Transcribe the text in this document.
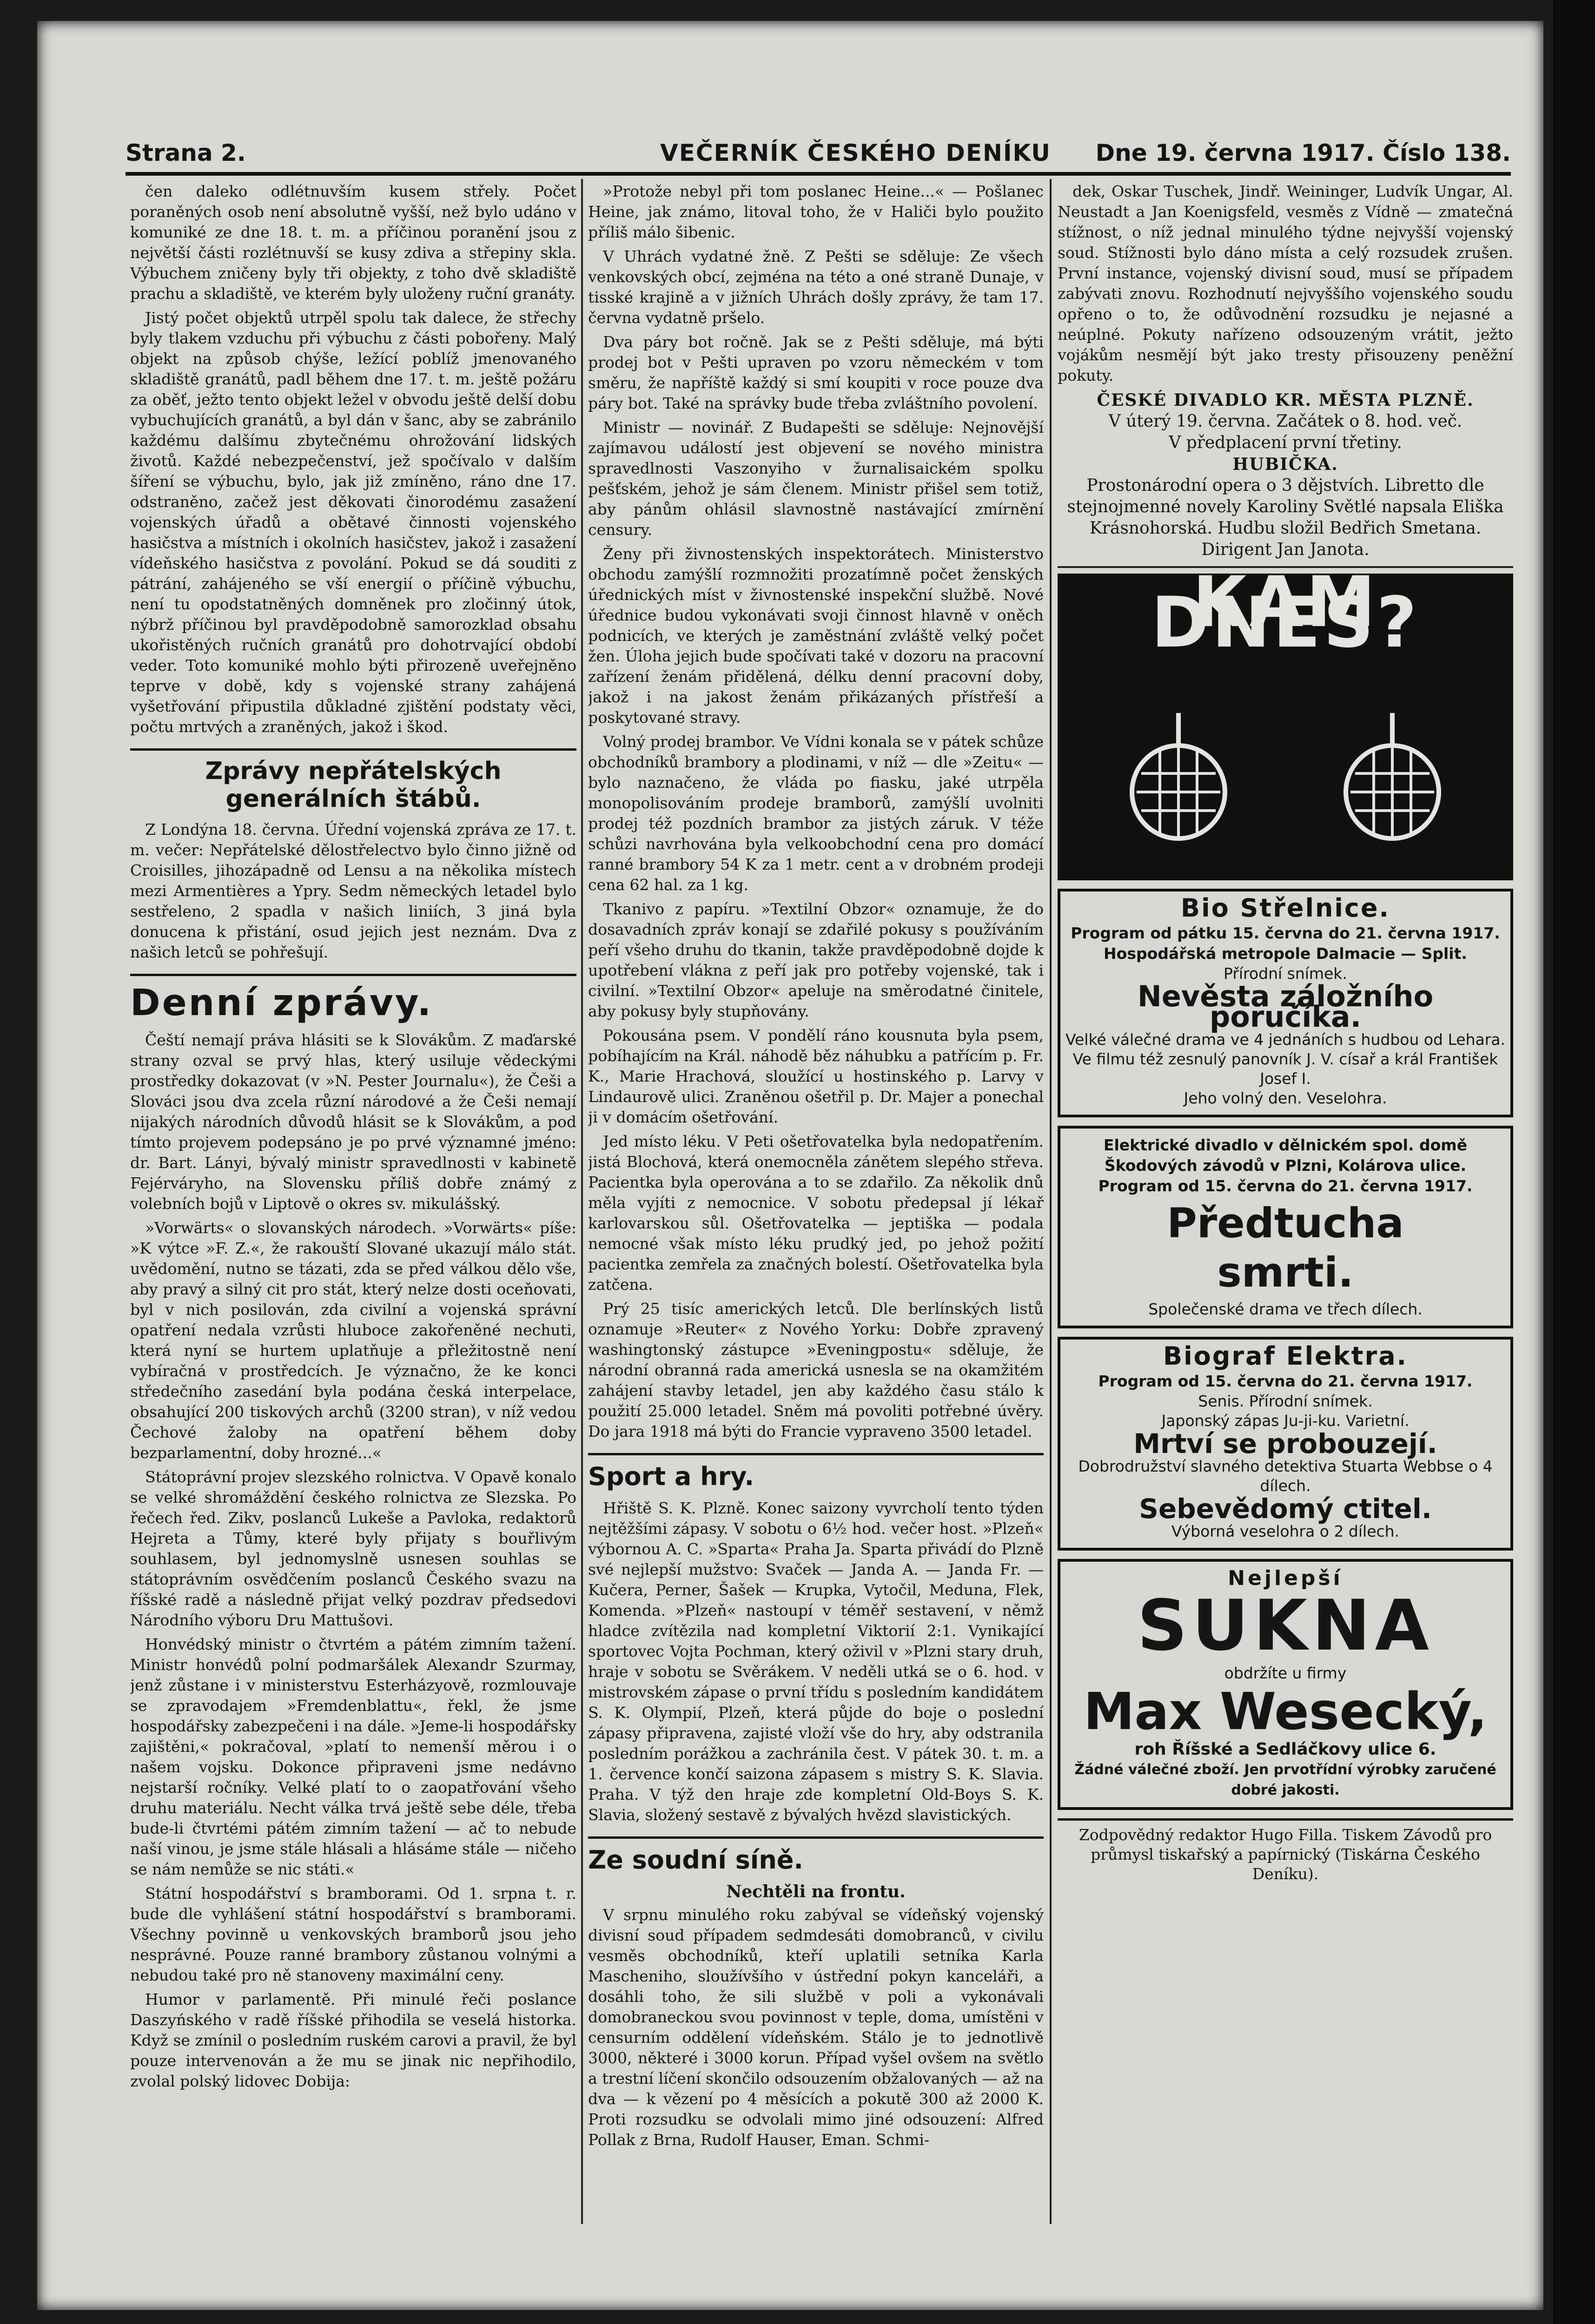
Strana 2.	VEČERNÍK ČESKÉHO DENÍKU Dne 19. června 1917. Číslo 138.

čen daleko odlétnuvším kusem střely. Počet poraněných osob není absolutně vyšší, než bylo udáno v komuniké ze dne 18. t. m. a příčinou poranění jsou z největší části rozlétnuvší se kusy zdiva a střepiny skla. Výbuchem zničeny byly tři objekty, z toho dvě skladiště prachu a skladiště, ve kterém byly uloženy ruční granáty.

Jistý počet objektů utrpěl spolu tak dalece, že střechy byly tlakem vzduchu při výbuchu z části pobořeny. Malý objekt na způsob chýše, ležící poblíž jmenovaného skladiště granátů, padl během dne 17. t. m. ještě požáru za oběť, ježto tento objekt ležel v obvodu ještě delší dobu vybuchujících granátů, a byl dán v šanc, aby se zabránilo každému dalšímu zbytečnému ohrožování lidských životů. Každé nebezpečenství, jež spočívalo v dalším šíření se výbuchu, bylo, jak již zmíněno, ráno dne 17. odstraněno, začež jest děkovati činorodému zasažení vojenských úřadů a obětavé činnosti vojenského hasičstva a místních i okolních hasičstev, jakož i zasažení vídeňského hasičstva z povolání. Pokud se dá souditi z pátrání, zahájeného se vší energií o příčině výbuchu, není tu opodstatněných domněnek pro zločinný útok, nýbrž příčinou byl pravděpodobně samorozklad obsahu ukořistěných ručních granátů pro dohotrvající období veder. Toto komuniké mohlo býti přirozeně uveřejněno teprve v době, kdy s vojenské strany zahájená vyšetřování připustila důkladné zjištění podstaty věci, počtu mrtvých a zraněných, jakož i škod.

Zprávy nepřátelských generálních štábů.

Z Londýna 18. června. Úřední vojenská zpráva ze 17. t. m. večer: Nepřátelské dělostřelectvo bylo činno jižně od Croisilles, jihozápadně od Lensu a na několika místech mezi Armentières a Ypry. Sedm německých letadel bylo sestřeleno, 2 spadla v našich liniích, 3 jiná byla donucena k přistání, osud jejich jest neznám. Dva z našich letců se pohřešují.

Denní zprávy.

Čeští nemají práva hlásiti se k Slovákům. Z maďarské strany ozval se prvý hlas, který usiluje vědeckými prostředky dokazovat (v »N. Pester Journalu«), že Češi a Slováci jsou dva zcela různí národové a že Češi nemají nijakých národních důvodů hlásit se k Slovákům, a pod tímto projevem podepsáno je po prvé významné jméno: dr. Bart. Lányi, bývalý ministr spravedlnosti v kabinetě Fejérváryho, na Slovensku příliš dobře známý z volebních bojů v Liptově o okres sv. mikulášský.

»Vorwärts« o slovanských národech. »Vorwärts« píše: »K výtce »F. Z.«, že rakouští Slované ukazují málo stát. uvědomění, nutno se tázati, zda se před válkou dělo vše, aby pravý a silný cit pro stát, který nelze dosti oceňovati, byl v nich posilován, zda civilní a vojenská správní opatření nedala vzrůsti hluboce zakořeněné nechuti, která nyní se hurtem uplatňuje a přležitostně není vybíračná v prostředcích. Je význačno, že ke konci středečního zasedání byla podána česká interpelace, obsahující 200 tiskových archů (3200 stran), v níž vedou Čechové žaloby na opatření během doby bezparlamentní, doby hrozné...«

Státoprávní projev slezského rolnictva. V Opavě konalo se velké shromáždění českého rolnictva ze Slezska. Po řečech řed. Zikv, poslanců Lukeše a Pavloka, redaktorů Hejreta a Tůmy, které byly přijaty s bouřlivým souhlasem, byl jednomyslně usnesen souhlas se státoprávním osvědčením poslanců Českého svazu na říšské radě a následně přijat velký pozdrav předsedovi Národního výboru Dru Mattušovi.

Honvédský ministr o čtvrtém a pátém zimním tažení. Ministr honvédů polní podmaršálek Alexandr Szurmay, jenž zůstane i v ministerstvu Esterházyově, rozmlouvaje se zpravodajem »Fremdenblattu«, řekl, že jsme hospodářsky zabezpečeni i na dále. »Jeme-li hospodářsky zajištěni,« pokračoval, »platí to nemenší měrou i o našem vojsku. Dokonce připraveni jsme nedávno nejstarší ročníky. Velké platí to o zaopatřování všeho druhu materiálu. Necht válka trvá ještě sebe déle, třeba bude-li čtvrtémi pátém zimním tažení — ač to nebude naší vinou, je jsme stále hlásali a hlásáme stále — ničeho se nám nemůže se nic státi.«

Státní hospodářství s bramborami. Od 1. srpna t. r. bude dle vyhlášení státní hospodářství s bramborami. Všechny povinně u venkovských bramborů jsou jeho nesprávné. Pouze ranné brambory zůstanou volnými a nebudou také pro ně stanoveny maximální ceny.

Humor v parlamentě. Při minulé řeči poslance Daszyńského v radě říšské přihodila se veselá historka. Když se zmínil o posledním ruském carovi a pravil, že byl pouze intervenován a že mu se jinak nic nepřihodilo, zvolal polský lidovec Dobija:

»Protože nebyl při tom poslanec Heine...« — Pošlanec Heine, jak známo, litoval toho, že v Haliči bylo použito příliš málo šibenic.

V Uhrách vydatné žně. Z Pešti se sděluje: Ze všech venkovských obcí, zejména na této a oné straně Dunaje, v tisské krajině a v jižních Uhrách došly zprávy, že tam 17. června vydatně pršelo.

Dva páry bot ročně. Jak se z Pešti sděluje, má býti prodej bot v Pešti upraven po vzoru německém v tom směru, že napříště každý si smí koupiti v roce pouze dva páry bot. Také na správky bude třeba zvláštního povolení.

Ministr — novinář. Z Budapešti se sděluje: Nejnovější zajímavou událostí jest objevení se nového ministra spravedlnosti Vaszonyiho v žurnalisaickém spolku pešťském, jehož je sám členem. Ministr přišel sem totiž, aby pánům ohlásil slavnostně nastávající zmírnění censury.

Ženy při živnostenských inspektorátech. Ministerstvo obchodu zamýšlí rozmnožiti prozatímně počet ženských úřednických míst v živnostenské inspekční službě. Nové úřednice budou vykonávati svoji činnost hlavně v oněch podnicích, ve kterých je zaměstnání zvláště velký počet žen. Úloha jejich bude spočívati také v dozoru na pracovní zařízení ženám přidělená, délku denní pracovní doby, jakož i na jakost ženám přikázaných přístřeší a poskytované stravy.

Volný prodej brambor. Ve Vídni konala se v pátek schůze obchodníků brambory a plodinami, v níž — dle »Zeitu« — bylo naznačeno, že vláda po fiasku, jaké utrpěla monopolisováním prodeje bramborů, zamýšlí uvolniti prodej též pozdních brambor za jistých záruk. V téže schůzi navrhována byla velkoobchodní cena pro domácí ranné brambory 54 K za 1 metr. cent a v drobném prodeji cena 62 hal. za 1 kg.

Tkanivo z papíru. »Textilní Obzor« oznamuje, že do dosavadních zpráv konají se zdařilé pokusy s používáním peří všeho druhu do tkanin, takže pravděpodobně dojde k upotřebení vlákna z peří jak pro potřeby vojenské, tak i civilní. »Textilní Obzor« apeluje na směrodatné činitele, aby pokusy byly stupňovány.

Pokousána psem. V pondělí ráno kousnuta byla psem, pobíhajícím na Král. náhodě běz náhubku a patřícím p. Fr. K., Marie Hrachová, sloužící u hostinského p. Larvy v Lindaurově ulici. Zraněnou ošetřil p. Dr. Majer a ponechal ji v domácím ošetřování.

Jed místo léku. V Peti ošetřovatelka byla nedopatřením. jistá Blochová, která onemocněla zánětem slepého střeva. Pacientka byla operována a to se zdařilo. Za několik dnů měla vyjíti z nemocnice. V sobotu předepsal jí lékař karlovarskou sůl. Ošetřovatelka — jeptiška — podala nemocné však místo léku prudký jed, po jehož požití pacientka zemřela za značných bolestí. Ošetřovatelka byla zatčena.

Prý 25 tisíc amerických letců. Dle berlínských listů oznamuje »Reuter« z Nového Yorku: Dobře zpravený washingtonský zástupce »Eveningpostu« sděluje, že národní obranná rada americká usnesla se na okamžitém zahájení stavby letadel, jen aby každého času stálo k použití 25.000 letadel. Sněm má povoliti potřebné úvěry. Do jara 1918 má býti do Francie vypraveno 3500 letadel.

Sport a hry.

Hřiště S. K. Plzně. Konec saizony vyvrcholí tento týden nejtěžšími zápasy. V sobotu o 6½ hod. večer host. »Plzeň« výbornou A. C. »Sparta« Praha Ja. Sparta přivádí do Plzně své nejlepší mužstvo: Svaček — Janda A. — Janda Fr. — Kučera, Perner, Šašek — Krupka, Vytočil, Meduna, Flek, Komenda. »Plzeň« nastoupí v téměř sestavení, v němž hladce zvítězila nad kompletní Viktorií 2:1. Vynikající sportovec Vojta Pochman, který oživil v »Plzni stary druh, hraje v sobotu se Svěrákem. V neděli utká se o 6. hod. v mistrovském zápase o první třídu s posledním kandidátem S. K. Olympií, Plzeň, která půjde do boje o poslední zápasy připravena, zajisté vloží vše do hry, aby odstranila posledním porážkou a zachránila čest. V pátek 30. t. m. a 1. července končí saizona zápasem s mistry S. K. Slavia. Praha. V týž den hraje zde kompletní Old-Boys S. K. Slavia, složený sestavě z bývalých hvězd slavistických.

Ze soudní síně.
Nechtěli na frontu.

V srpnu minulého roku zabýval se vídeňský vojenský divisní soud případem sedmdesáti domobranců, v civilu vesměs obchodníků, kteří uplatili setníka Karla Mascheniho, sloužívšího v ústřední pokyn kanceláři, a dosáhli toho, že sili službě v poli a vykonávali domobraneckou svou povinnost v teple, doma, umístěni v censurním oddělení vídeňském. Stálo je to jednotlivě 3000, některé i 3000 korun. Případ vyšel ovšem na světlo a trestní líčení skončilo odsouzením obžalovaných — až na dva — k vězení po 4 měsících a pokutě 300 až 2000 K. Proti rozsudku se odvolali mimo jiné odsouzení: Alfred Pollak z Brna, Rudolf Hauser, Eman. Schmi-

dek, Oskar Tuschek, Jindř. Weininger, Ludvík Ungar, Al. Neustadt a Jan Koenigsfeld, vesměs z Vídně — zmatečná stížnost, o níž jednal minulého týdne nejvyšší vojenský soud. Stížnosti bylo dáno místa a celý rozsudek zrušen. První instance, vojenský divisní soud, musí se případem zabývati znovu. Rozhodnutí nejvyššího vojenského soudu opřeno o to, že odůvodnění rozsudku je nejasné a neúplné. Pokuty nařízeno odsouzeným vrátit, ježto vojákům nesmějí být jako tresty přisouzeny peněžní pokuty.

ČESKÉ DIVADLO KR. MĚSTA PLZNĚ.
V úterý 19. června. Začátek o 8. hod. več.
V předplacení první třetiny.
HUBIČKA.
Prostonárodní opera o 3 dějstvích. Libretto dle stejnojmenné novely Karoliny Světlé napsala Eliška Krásnohorská. Hudbu složil Bedřich Smetana.
Dirigent Jan Janota.
KAM DNES?
Bio Střelnice.
Program od pátku 15. června do 21. června 1917.
Hospodářská metropole Dalmacie — Split.
Přírodní snímek.
Nevěsta záložního poručíka.
Velké válečné drama ve 4 jednáních s hudbou od Lehara.
Ve filmu též zesnulý panovník J. V. císař a král František Josef I.
Jeho volný den. Veselohra.
Elektrické divadlo v dělnickém spol. domě Škodových závodů v Plzni, Kolárova ulice.
Program od 15. června do 21. června 1917.
Předtucha
smrti.
Společenské drama ve třech dílech.
Biograf Elektra.
Program od 15. června do 21. června 1917.
Senis. Přírodní snímek.
Japonský zápas Ju-ji-ku. Varietní.
Mrtví se probouzejí.
Dobrodružství slavného detektiva Stuarta Webbse o 4 dílech.
Sebevědomý ctitel.
Výborná veselohra o 2 dílech.
Nejlepší
SUKNA
obdržíte u firmy
Max Wesecký,
roh Říšské a Sedláčkovy ulice 6.
Žádné válečné zboží. Jen prvotřídní výrobky zaručené dobré jakosti.
Zodpovědný redaktor Hugo Filla. Tiskem Závodů pro průmysl tiskařský a papírnický (Tiskárna Českého Deníku).
